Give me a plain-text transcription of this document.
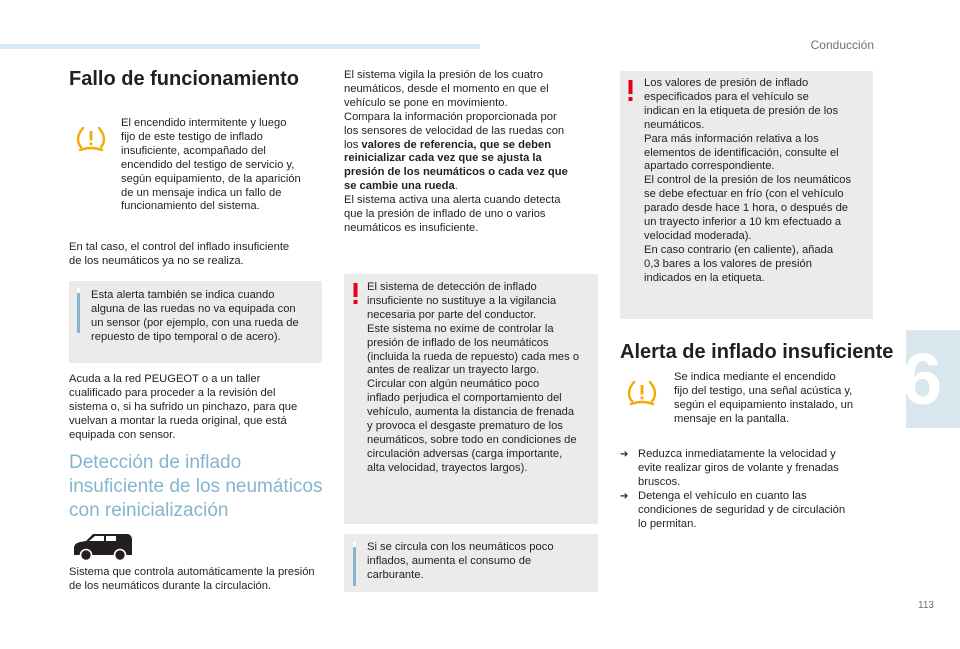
Conducción
6
113
Fallo de funcionamiento
El encendido intermitente y luego
fijo de este testigo de inflado
insuficiente, acompañado del
encendido del testigo de servicio y,
según equipamiento, de la aparición
de un mensaje indica un fallo de
funcionamiento del sistema.
En tal caso, el control del inflado insuficiente
de los neumáticos ya no se realiza.
Esta alerta también se indica cuando
alguna de las ruedas no va equipada con
un sensor (por ejemplo, con una rueda de
repuesto de tipo temporal o de acero).
Acuda a la red PEUGEOT o a un taller
cualificado para proceder a la revisión del
sistema o, si ha sufrido un pinchazo, para que
vuelvan a montar la rueda original, que está
equipada con sensor.
Detección de inflado
insuficiente de los neumáticos
con reinicialización
Sistema que controla automáticamente la presión
de los neumáticos durante la circulación.
El sistema vigila la presión de los cuatro
neumáticos, desde el momento en que el
vehículo se pone en movimiento.
Compara la información proporcionada por
los sensores de velocidad de las ruedas con
los valores de referencia, que se deben
reinicializar cada vez que se ajusta la
presión de los neumáticos o cada vez que
se cambie una rueda.
El sistema activa una alerta cuando detecta
que la presión de inflado de uno o varios
neumáticos es insuficiente.
El sistema de detección de inflado
insuficiente no sustituye a la vigilancia
necesaria por parte del conductor.
Este sistema no exime de controlar la
presión de inflado de los neumáticos
(incluida la rueda de repuesto) cada mes o
antes de realizar un trayecto largo.
Circular con algún neumático poco
inflado perjudica el comportamiento del
vehículo, aumenta la distancia de frenada
y provoca el desgaste prematuro de los
neumáticos, sobre todo en condiciones de
circulación adversas (carga importante,
alta velocidad, trayectos largos).
Si se circula con los neumáticos poco
inflados, aumenta el consumo de
carburante.
Los valores de presión de inflado
especificados para el vehículo se
indican en la etiqueta de presión de los
neumáticos.
Para más información relativa a los
elementos de identificación, consulte el
apartado correspondiente.
El control de la presión de los neumáticos
se debe efectuar en frío (con el vehículo
parado desde hace 1 hora, o después de
un trayecto inferior a 10 km efectuado a
velocidad moderada).
En caso contrario (en caliente), añada
0,3 bares a los valores de presión
indicados en la etiqueta.
Alerta de inflado insuficiente
Se indica mediante el encendido
fijo del testigo, una señal acústica y,
según el equipamiento instalado, un
mensaje en la pantalla.
➔ Reduzca inmediatamente la velocidad y
evite realizar giros de volante y frenadas
bruscos.
➔ Detenga el vehículo en cuanto las
condiciones de seguridad y de circulación
lo permitan.
